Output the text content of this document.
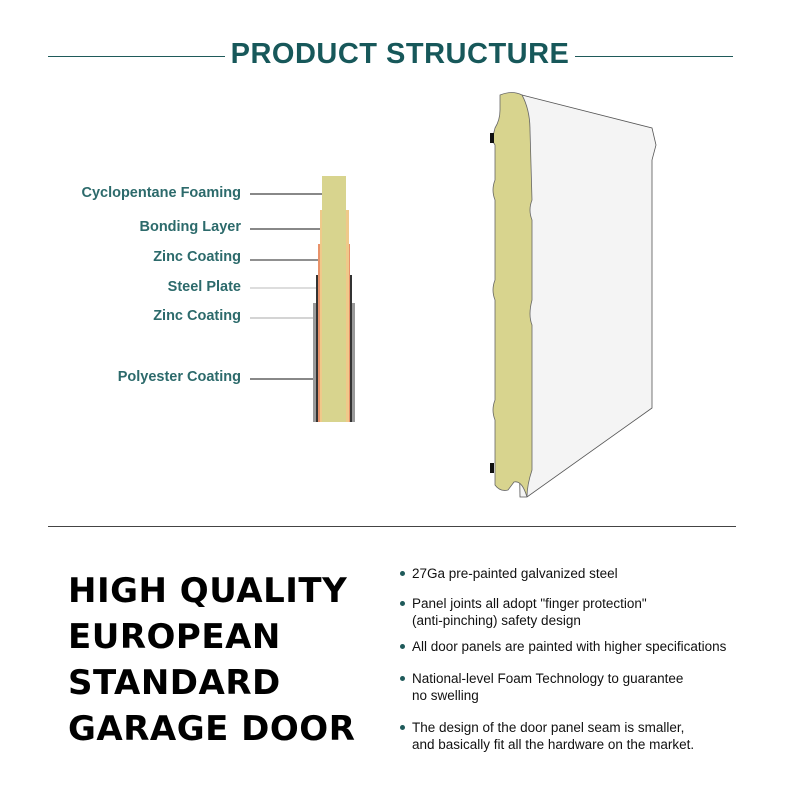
PRODUCT STRUCTURE
Cyclopentane Foaming
Bonding Layer
Zinc Coating
Steel Plate
Zinc Coating
Polyester Coating
HIGH QUALITY
EUROPEAN
STANDARD
GARAGE DOOR
27Ga pre-painted galvanized steel
Panel joints all adopt "finger protection"
(anti-pinching) safety design
All door panels are painted with higher specifications
National-level Foam Technology to guarantee
no swelling
The design of the door panel seam is smaller,
and basically fit all the hardware on the market.
